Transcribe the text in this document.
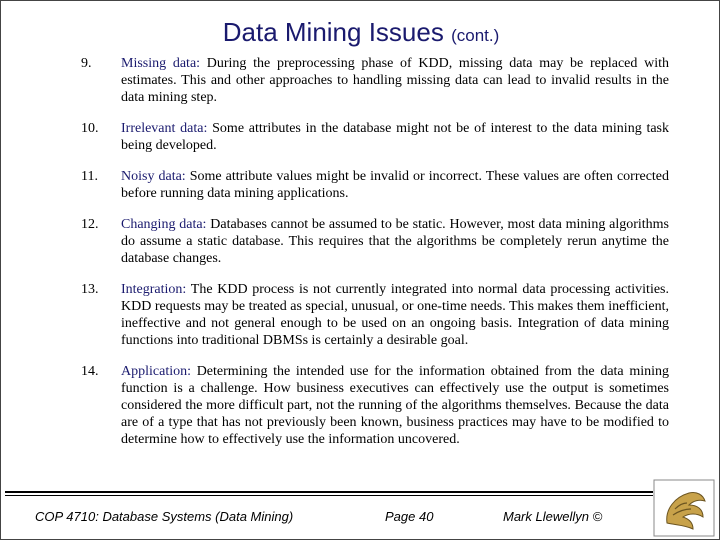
Data Mining Issues (cont.)
9.	Missing data: During the preprocessing phase of KDD, missing data may be replaced with estimates. This and other approaches to handling missing data can lead to invalid results in the data mining step.
10.	Irrelevant data: Some attributes in the database might not be of interest to the data mining task being developed.
11.	Noisy data: Some attribute values might be invalid or incorrect. These values are often corrected before running data mining applications.
12.	Changing data: Databases cannot be assumed to be static. However, most data mining algorithms do assume a static database. This requires that the algorithms be completely rerun anytime the database changes.
13.	Integration: The KDD process is not currently integrated into normal data processing activities. KDD requests may be treated as special, unusual, or one-time needs. This makes them inefficient, ineffective and not general enough to be used on an ongoing basis. Integration of data mining functions into traditional DBMSs is certainly a desirable goal.
14.	Application: Determining the intended use for the information obtained from the data mining function is a challenge. How business executives can effectively use the output is sometimes considered the more difficult part, not the running of the algorithms themselves. Because the data are of a type that has not previously been known, business practices may have to be modified to determine how to effectively use the information uncovered.
COP 4710: Database Systems (Data Mining)	Page 40	Mark Llewellyn ©
